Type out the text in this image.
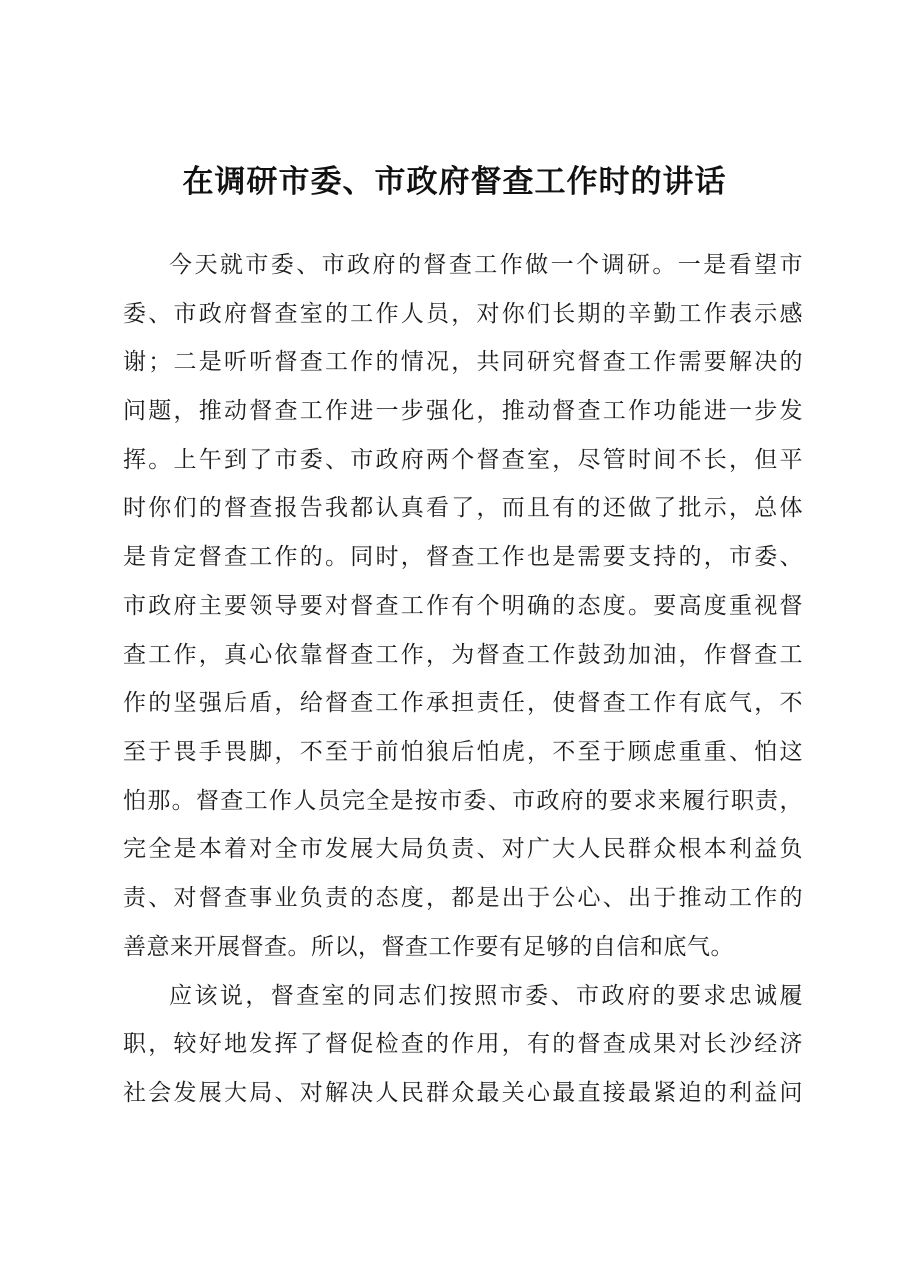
在调研市委、市政府督查工作时的讲话
今天就市委、市政府的督查工作做一个调研。一是看望市
委、市政府督查室的工作人员，对你们长期的辛勤工作表示感
谢；二是听听督查工作的情况，共同研究督查工作需要解决的
问题，推动督查工作进一步强化，推动督查工作功能进一步发
挥。上午到了市委、市政府两个督查室，尽管时间不长，但平
时你们的督查报告我都认真看了，而且有的还做了批示，总体
是肯定督查工作的。同时，督查工作也是需要支持的，市委、
市政府主要领导要对督查工作有个明确的态度。要高度重视督
查工作，真心依靠督查工作，为督查工作鼓劲加油，作督查工
作的坚强后盾，给督查工作承担责任，使督查工作有底气，不
至于畏手畏脚，不至于前怕狼后怕虎，不至于顾虑重重、怕这
怕那。督查工作人员完全是按市委、市政府的要求来履行职责，
完全是本着对全市发展大局负责、对广大人民群众根本利益负
责、对督查事业负责的态度，都是出于公心、出于推动工作的
善意来开展督查。所以，督查工作要有足够的自信和底气。
应该说，督查室的同志们按照市委、市政府的要求忠诚履
职，较好地发挥了督促检查的作用，有的督查成果对长沙经济
社会发展大局、对解决人民群众最关心最直接最紧迫的利益问
